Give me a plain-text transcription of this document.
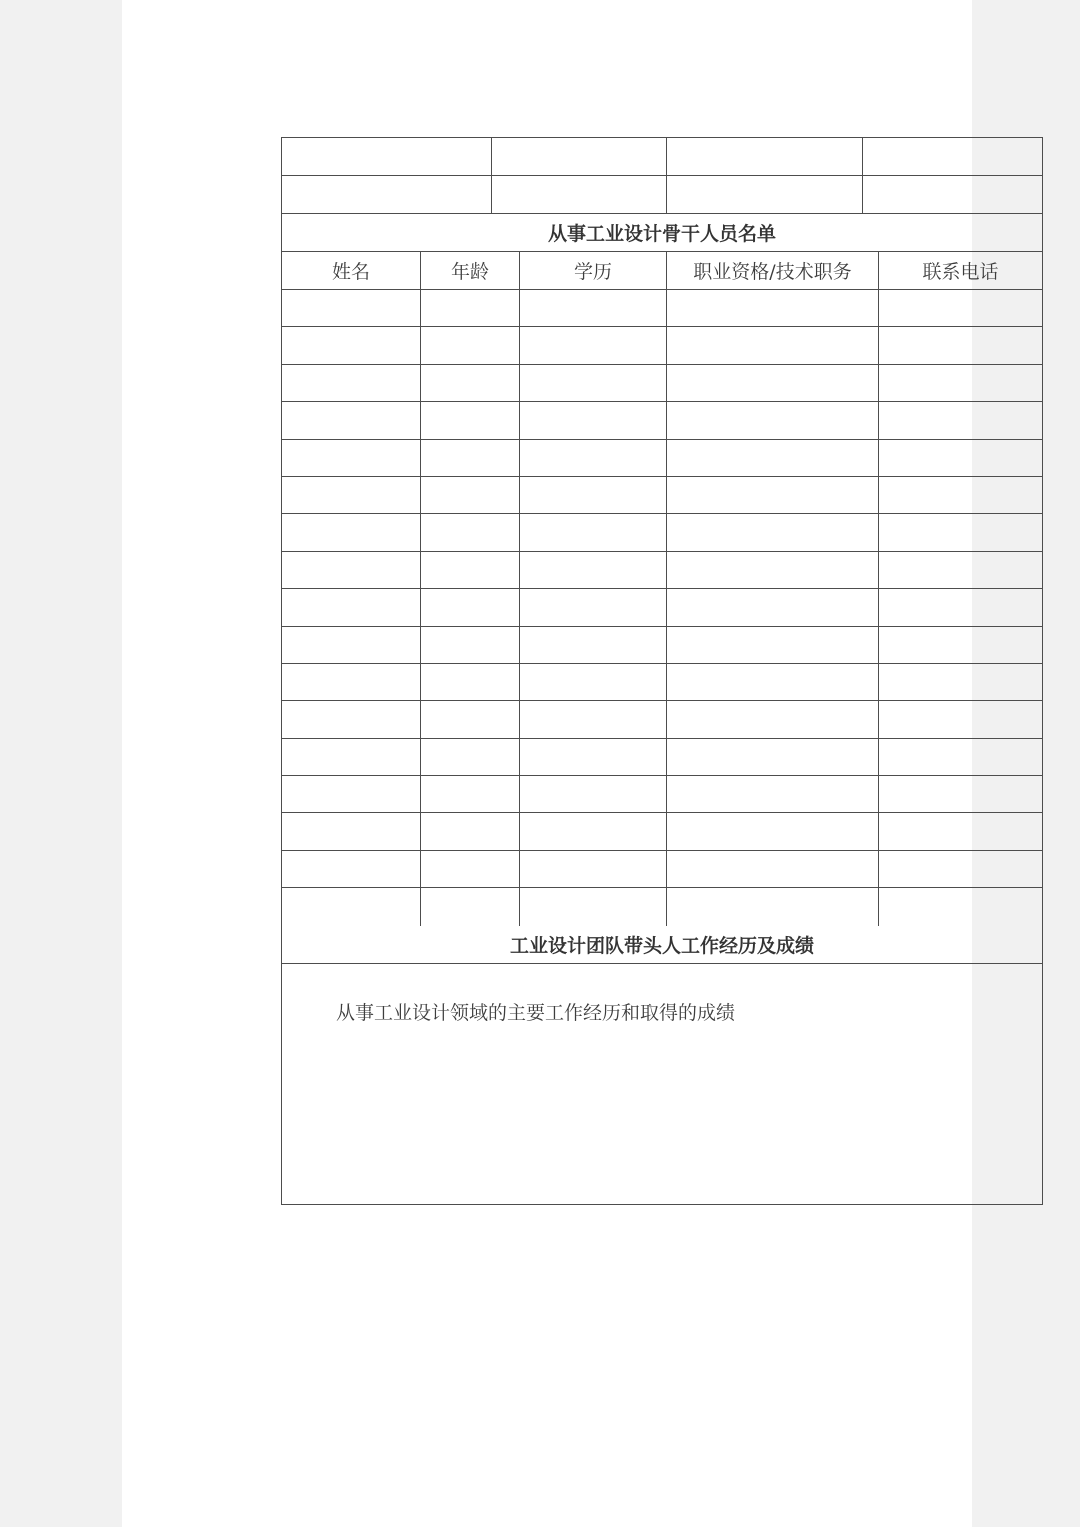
从事工业设计骨干人员名单
姓名	年龄	学历	职业资格/技术职务	联系电话
工业设计团队带头人工作经历及成绩
从事工业设计领域的主要工作经历和取得的成绩
